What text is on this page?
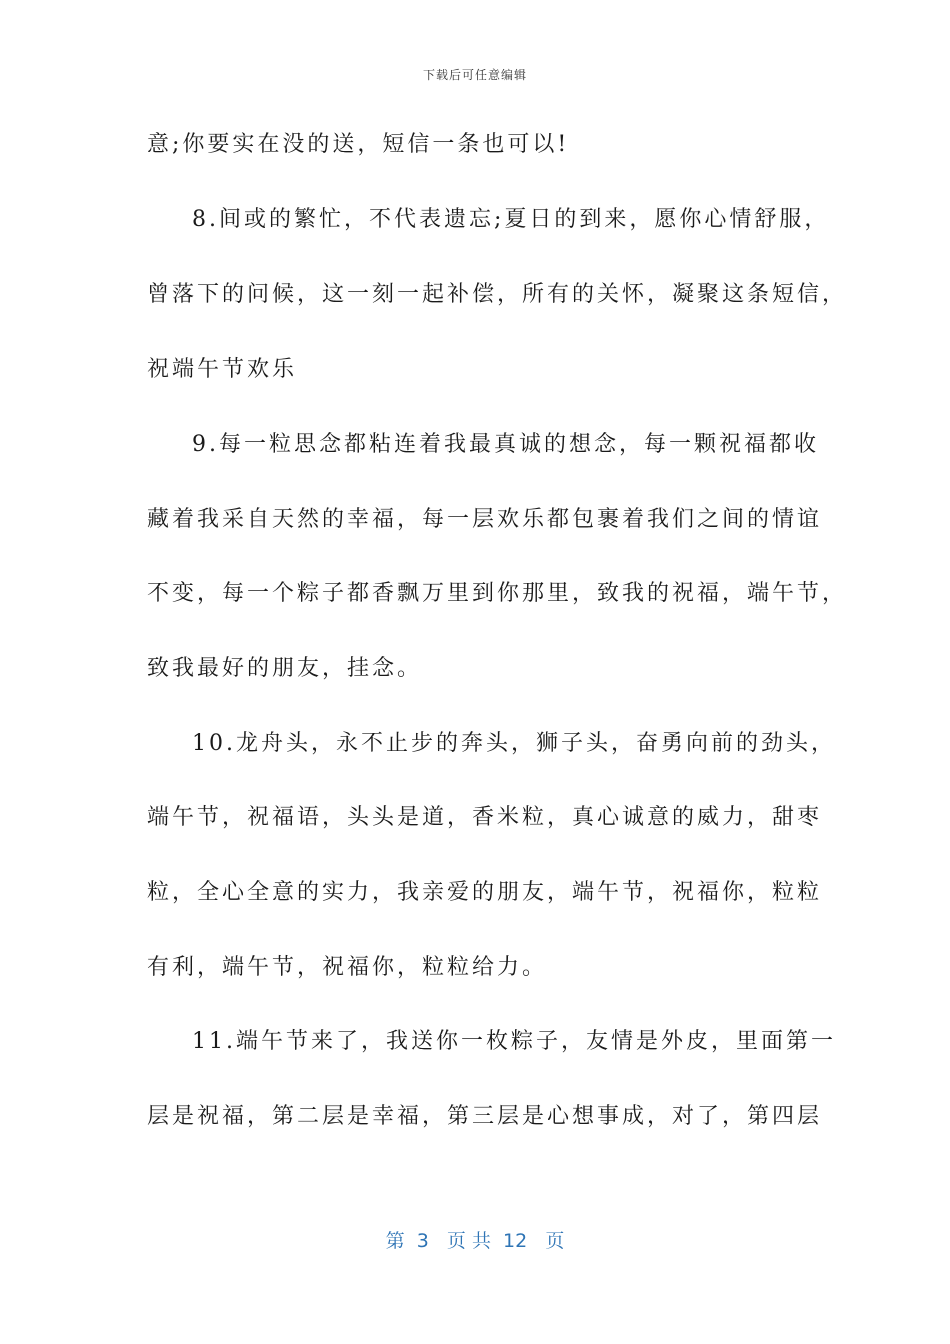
下载后可任意编辑
意;你要实在没的送，短信一条也可以!
8.间或的繁忙，不代表遗忘;夏日的到来，愿你心情舒服，
曾落下的问候，这一刻一起补偿，所有的关怀，凝聚这条短信，
祝端午节欢乐
9.每一粒思念都粘连着我最真诚的想念，每一颗祝福都收
藏着我采自天然的幸福，每一层欢乐都包裹着我们之间的情谊
不变，每一个粽子都香飘万里到你那里，致我的祝福，端午节，
致我最好的朋友，挂念。
10.龙舟头，永不止步的奔头，狮子头，奋勇向前的劲头，
端午节，祝福语，头头是道，香米粒，真心诚意的威力，甜枣
粒，全心全意的实力，我亲爱的朋友，端午节，祝福你，粒粒
有利，端午节，祝福你，粒粒给力。
11.端午节来了，我送你一枚粽子，友情是外皮，里面第一
层是祝福，第二层是幸福，第三层是心想事成，对了，第四层
第  3   页 共  12   页
